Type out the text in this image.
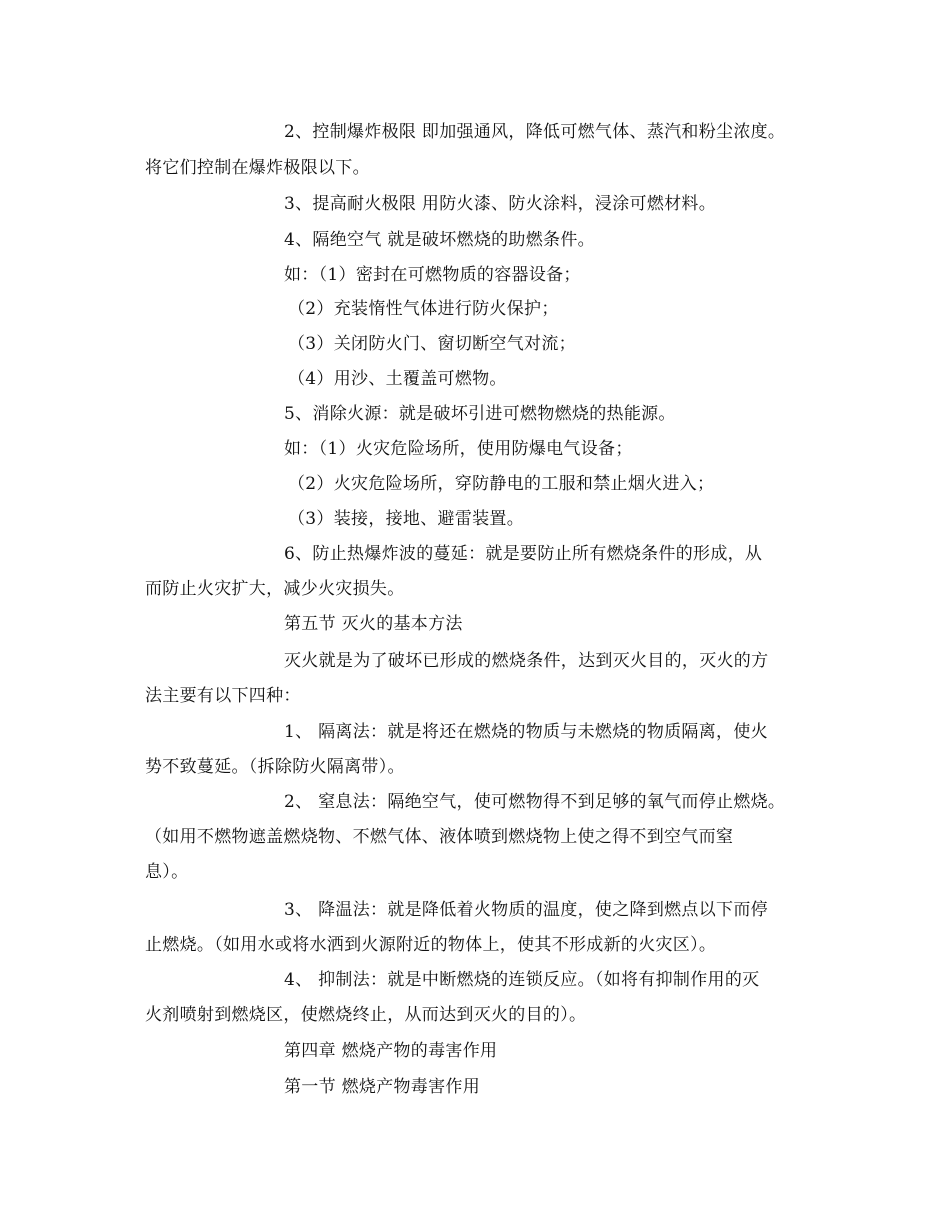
2、控制爆炸极限 即加强通风，降低可燃气体、蒸汽和粉尘浓度。
将它们控制在爆炸极限以下。
3、提高耐火极限 用防火漆、防火涂料，浸涂可燃材料。
4、隔绝空气 就是破坏燃烧的助燃条件。
如：（1）密封在可燃物质的容器设备；
（2）充装惰性气体进行防火保护；
（3）关闭防火门、窗切断空气对流；
（4）用沙、土覆盖可燃物。
5、消除火源：就是破坏引进可燃物燃烧的热能源。
如：（1）火灾危险场所，使用防爆电气设备；
（2）火灾危险场所，穿防静电的工服和禁止烟火进入；
（3）装接，接地、避雷装置。
6、防止热爆炸波的蔓延：就是要防止所有燃烧条件的形成，从
而防止火灾扩大，减少火灾损失。
第五节 灭火的基本方法
灭火就是为了破坏已形成的燃烧条件，达到灭火目的，灭火的方
法主要有以下四种：
1、 隔离法：就是将还在燃烧的物质与未燃烧的物质隔离，使火
势不致蔓延。（拆除防火隔离带）。
2、 窒息法：隔绝空气，使可燃物得不到足够的氧气而停止燃烧。
（如用不燃物遮盖燃烧物、不燃气体、液体喷到燃烧物上使之得不到空气而窒
息）。
3、 降温法：就是降低着火物质的温度，使之降到燃点以下而停
止燃烧。（如用水或将水洒到火源附近的物体上，使其不形成新的火灾区）。
4、 抑制法：就是中断燃烧的连锁反应。（如将有抑制作用的灭
火剂喷射到燃烧区，使燃烧终止，从而达到灭火的目的）。
第四章 燃烧产物的毒害作用
第一节 燃烧产物毒害作用
